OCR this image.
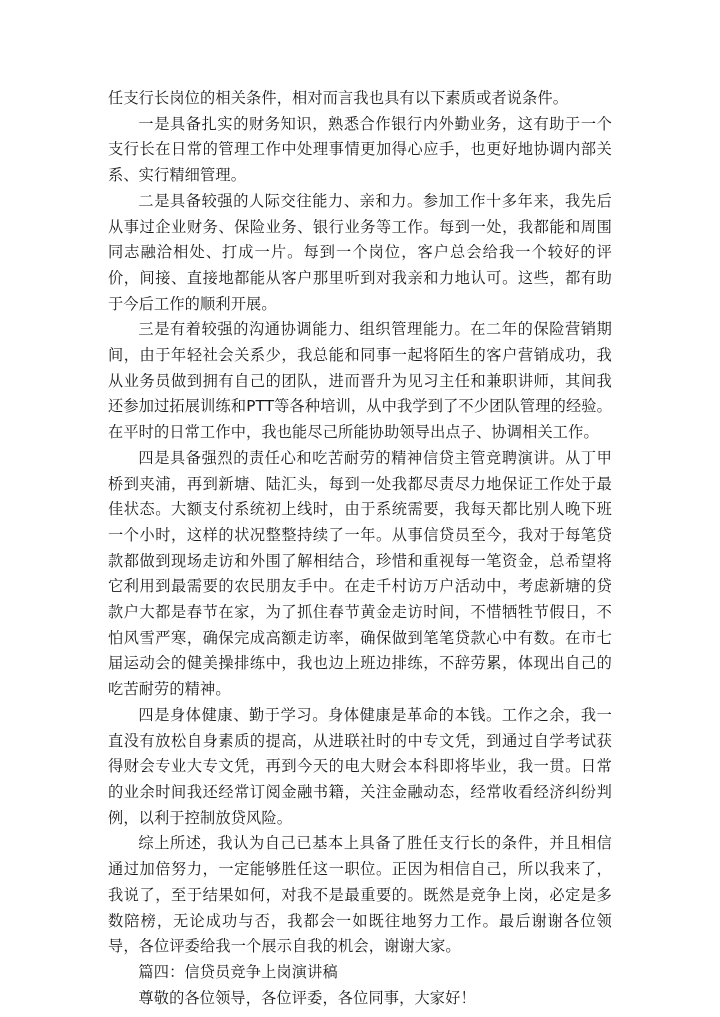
任支行长岗位的相关条件，相对而言我也具有以下素质或者说条件。

一是具备扎实的财务知识，熟悉合作银行内外勤业务，这有助于一个支行长在日常的管理工作中处理事情更加得心应手，也更好地协调内部关系、实行精细管理。

二是具备较强的人际交往能力、亲和力。参加工作十多年来，我先后从事过企业财务、保险业务、银行业务等工作。每到一处，我都能和周围同志融洽相处、打成一片。每到一个岗位，客户总会给我一个较好的评价，间接、直接地都能从客户那里听到对我亲和力地认可。这些，都有助于今后工作的顺利开展。

三是有着较强的沟通协调能力、组织管理能力。在二年的保险营销期间，由于年轻社会关系少，我总能和同事一起将陌生的客户营销成功，我从业务员做到拥有自己的团队，进而晋升为见习主任和兼职讲师，其间我还参加过拓展训练和PTT等各种培训，从中我学到了不少团队管理的经验。在平时的日常工作中，我也能尽己所能协助领导出点子、协调相关工作。

四是具备强烈的责任心和吃苦耐劳的精神信贷主管竞聘演讲。从丁甲桥到夹浦，再到新塘、陆汇头，每到一处我都尽责尽力地保证工作处于最佳状态。大额支付系统初上线时，由于系统需要，我每天都比别人晚下班一个小时，这样的状况整整持续了一年。从事信贷员至今，我对于每笔贷款都做到现场走访和外围了解相结合，珍惜和重视每一笔资金，总希望将它利用到最需要的农民朋友手中。在走千村访万户活动中，考虑新塘的贷款户大都是春节在家，为了抓住春节黄金走访时间，不惜牺牲节假日，不怕风雪严寒，确保完成高额走访率，确保做到笔笔贷款心中有数。在市七届运动会的健美操排练中，我也边上班边排练，不辞劳累，体现出自己的吃苦耐劳的精神。

四是身体健康、勤于学习。身体健康是革命的本钱。工作之余，我一直没有放松自身素质的提高，从进联社时的中专文凭，到通过自学考试获得财会专业大专文凭，再到今天的电大财会本科即将毕业，我一贯。日常的业余时间我还经常订阅金融书籍，关注金融动态，经常收看经济纠纷判例，以利于控制放贷风险。

综上所述，我认为自己已基本上具备了胜任支行长的条件，并且相信通过加倍努力，一定能够胜任这一职位。正因为相信自己，所以我来了，我说了，至于结果如何，对我不是最重要的。既然是竞争上岗，必定是多数陪榜，无论成功与否，我都会一如既往地努力工作。最后谢谢各位领导，各位评委给我一个展示自我的机会，谢谢大家。

篇四：信贷员竞争上岗演讲稿

尊敬的各位领导，各位评委，各位同事，大家好！
